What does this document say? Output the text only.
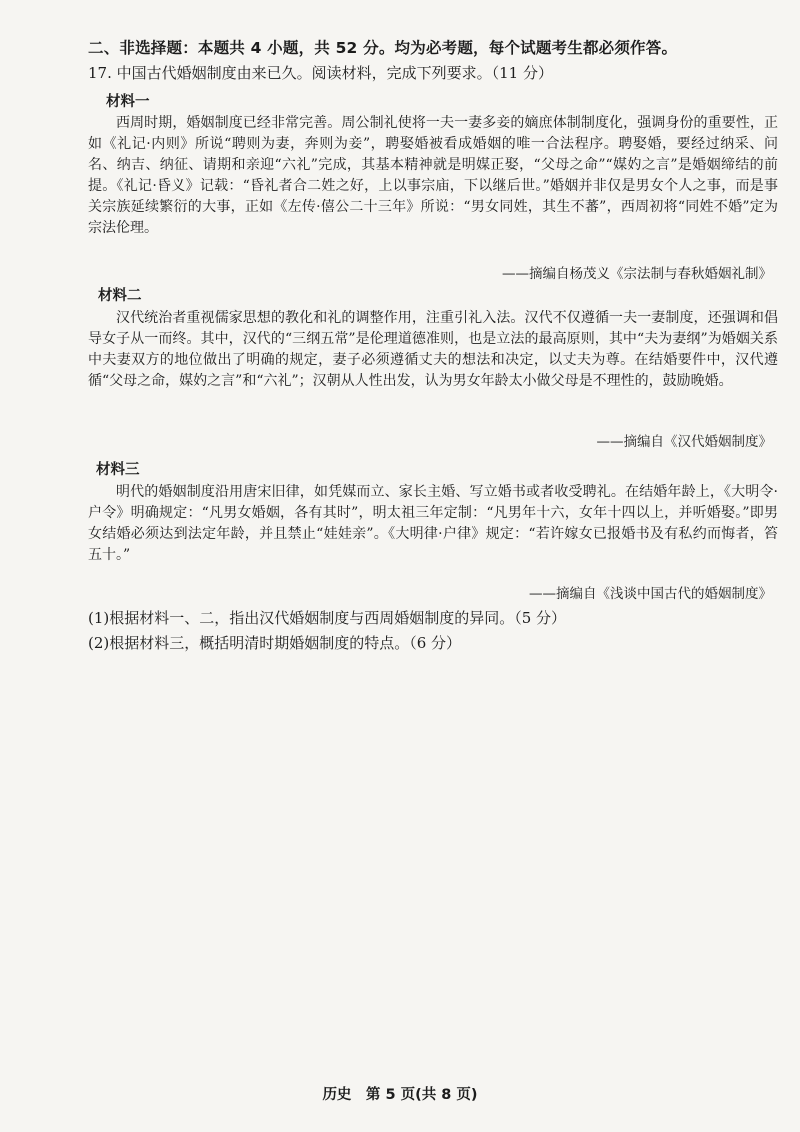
二、非选择题：本题共 4 小题，共 52 分。均为必考题，每个试题考生都必须作答。
17. 中国古代婚姻制度由来已久。阅读材料，完成下列要求。（11 分）
材料一

西周时期，婚姻制度已经非常完善。周公制礼使将一夫一妻多妾的嫡庶体制制度化，强调身份的重要性，正如《礼记·内则》所说“聘则为妻，奔则为妾”，聘娶婚被看成婚姻的唯一合法程序。聘娶婚，要经过纳采、问名、纳吉、纳征、请期和亲迎“六礼”完成，其基本精神就是明媒正娶，“父母之命”“媒妁之言”是婚姻缔结的前提。《礼记·昏义》记载：“昏礼者合二姓之好，上以事宗庙，下以继后世。”婚姻并非仅是男女个人之事，而是事关宗族延续繁衍的大事，正如《左传·僖公二十三年》所说：“男女同姓，其生不蕃”，西周初将“同姓不婚”定为宗法伦理。

——摘编自杨茂义《宗法制与春秋婚姻礼制》
材料二

汉代统治者重视儒家思想的教化和礼的调整作用，注重引礼入法。汉代不仅遵循一夫一妻制度，还强调和倡导女子从一而终。其中，汉代的“三纲五常”是伦理道德准则，也是立法的最高原则，其中“夫为妻纲”为婚姻关系中夫妻双方的地位做出了明确的规定，妻子必须遵循丈夫的想法和决定，以丈夫为尊。在结婚要件中，汉代遵循“父母之命，媒妁之言”和“六礼”；汉朝从人性出发，认为男女年龄太小做父母是不理性的，鼓励晚婚。

——摘编自《汉代婚姻制度》
材料三

明代的婚姻制度沿用唐宋旧律，如凭媒而立、家长主婚、写立婚书或者收受聘礼。在结婚年龄上，《大明令·户令》明确规定：“凡男女婚姻，各有其时”，明太祖三年定制：“凡男年十六，女年十四以上，并听婚娶。”即男女结婚必须达到法定年龄，并且禁止“娃娃亲”。《大明律·户律》规定：“若许嫁女已报婚书及有私约而悔者，笞五十。”

——摘编自《浅谈中国古代的婚姻制度》
(1)根据材料一、二，指出汉代婚姻制度与西周婚姻制度的异同。（5 分）
(2)根据材料三，概括明清时期婚姻制度的特点。（6 分）
历史　第 5 页(共 8 页)
